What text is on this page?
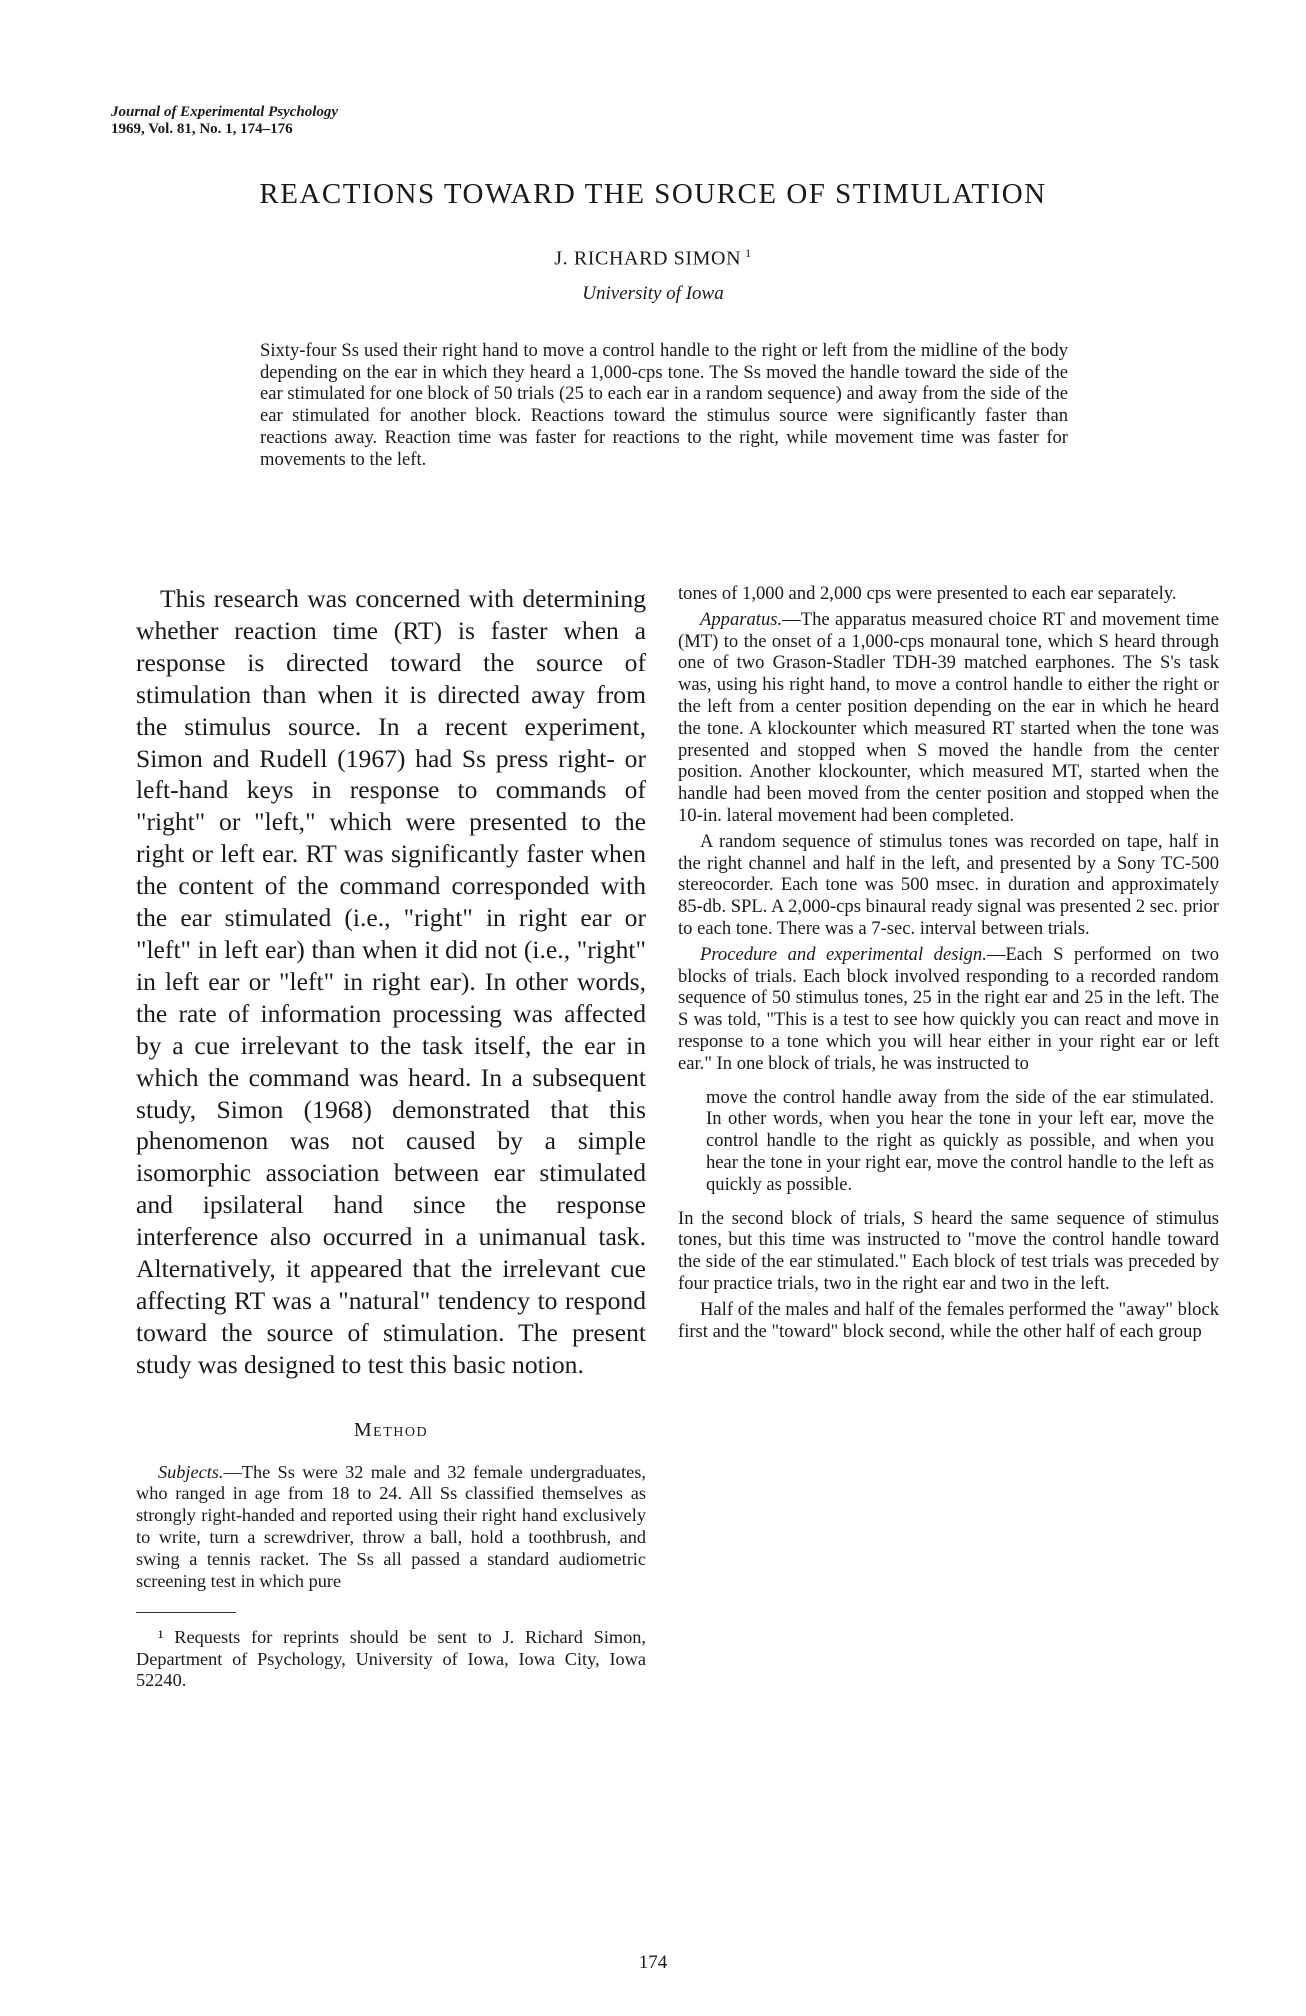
Journal of Experimental Psychology
1969, Vol. 81, No. 1, 174–176
REACTIONS TOWARD THE SOURCE OF STIMULATION
J. RICHARD SIMON $^1$
University of Iowa
Sixty-four Ss used their right hand to move a control handle to the right or left from the midline of the body depending on the ear in which they heard a 1,000-cps tone. The Ss moved the handle toward the side of the ear stimulated for one block of 50 trials (25 to each ear in a random sequence) and away from the side of the ear stimulated for another block. Reactions toward the stimulus source were significantly faster than reactions away. Reaction time was faster for reactions to the right, while movement time was faster for movements to the left.

This research was concerned with determining whether reaction time (RT) is faster when a response is directed toward the source of stimulation than when it is directed away from the stimulus source. In a recent experiment, Simon and Rudell (1967) had Ss press right- or left-hand keys in response to commands of "right" or "left," which were presented to the right or left ear. RT was significantly faster when the content of the command corresponded with the ear stimulated (i.e., "right" in right ear or "left" in left ear) than when it did not (i.e., "right" in left ear or "left" in right ear). In other words, the rate of information processing was affected by a cue irrelevant to the task itself, the ear in which the command was heard. In a subsequent study, Simon (1968) demonstrated that this phenomenon was not caused by a simple isomorphic association between ear stimulated and ipsilateral hand since the response interference also occurred in a unimanual task. Alternatively, it appeared that the irrelevant cue affecting RT was a "natural" tendency to respond toward the source of stimulation. The present study was designed to test this basic notion.

Method

Subjects.—The Ss were 32 male and 32 female undergraduates, who ranged in age from 18 to 24. All Ss classified themselves as strongly right-handed and reported using their right hand exclusively to write, turn a screwdriver, throw a ball, hold a toothbrush, and swing a tennis racket. The Ss all passed a standard audiometric screening test in which pure

¹ Requests for reprints should be sent to J. Richard Simon, Department of Psychology, University of Iowa, Iowa City, Iowa 52240.

tones of 1,000 and 2,000 cps were presented to each ear separately.

Apparatus.—The apparatus measured choice RT and movement time (MT) to the onset of a 1,000-cps monaural tone, which S heard through one of two Grason-Stadler TDH-39 matched earphones. The S's task was, using his right hand, to move a control handle to either the right or the left from a center position depending on the ear in which he heard the tone. A klockounter which measured RT started when the tone was presented and stopped when S moved the handle from the center position. Another klockounter, which measured MT, started when the handle had been moved from the center position and stopped when the 10-in. lateral movement had been completed.

A random sequence of stimulus tones was recorded on tape, half in the right channel and half in the left, and presented by a Sony TC-500 stereocorder. Each tone was 500 msec. in duration and approximately 85-db. SPL. A 2,000-cps binaural ready signal was presented 2 sec. prior to each tone. There was a 7-sec. interval between trials.

Procedure and experimental design.—Each S performed on two blocks of trials. Each block involved responding to a recorded random sequence of 50 stimulus tones, 25 in the right ear and 25 in the left. The S was told, "This is a test to see how quickly you can react and move in response to a tone which you will hear either in your right ear or left ear." In one block of trials, he was instructed to

move the control handle away from the side of the ear stimulated. In other words, when you hear the tone in your left ear, move the control handle to the right as quickly as possible, and when you hear the tone in your right ear, move the control handle to the left as quickly as possible.

In the second block of trials, S heard the same sequence of stimulus tones, but this time was instructed to "move the control handle toward the side of the ear stimulated." Each block of test trials was preceded by four practice trials, two in the right ear and two in the left.

Half of the males and half of the females performed the "away" block first and the "toward" block second, while the other half of each group

174
